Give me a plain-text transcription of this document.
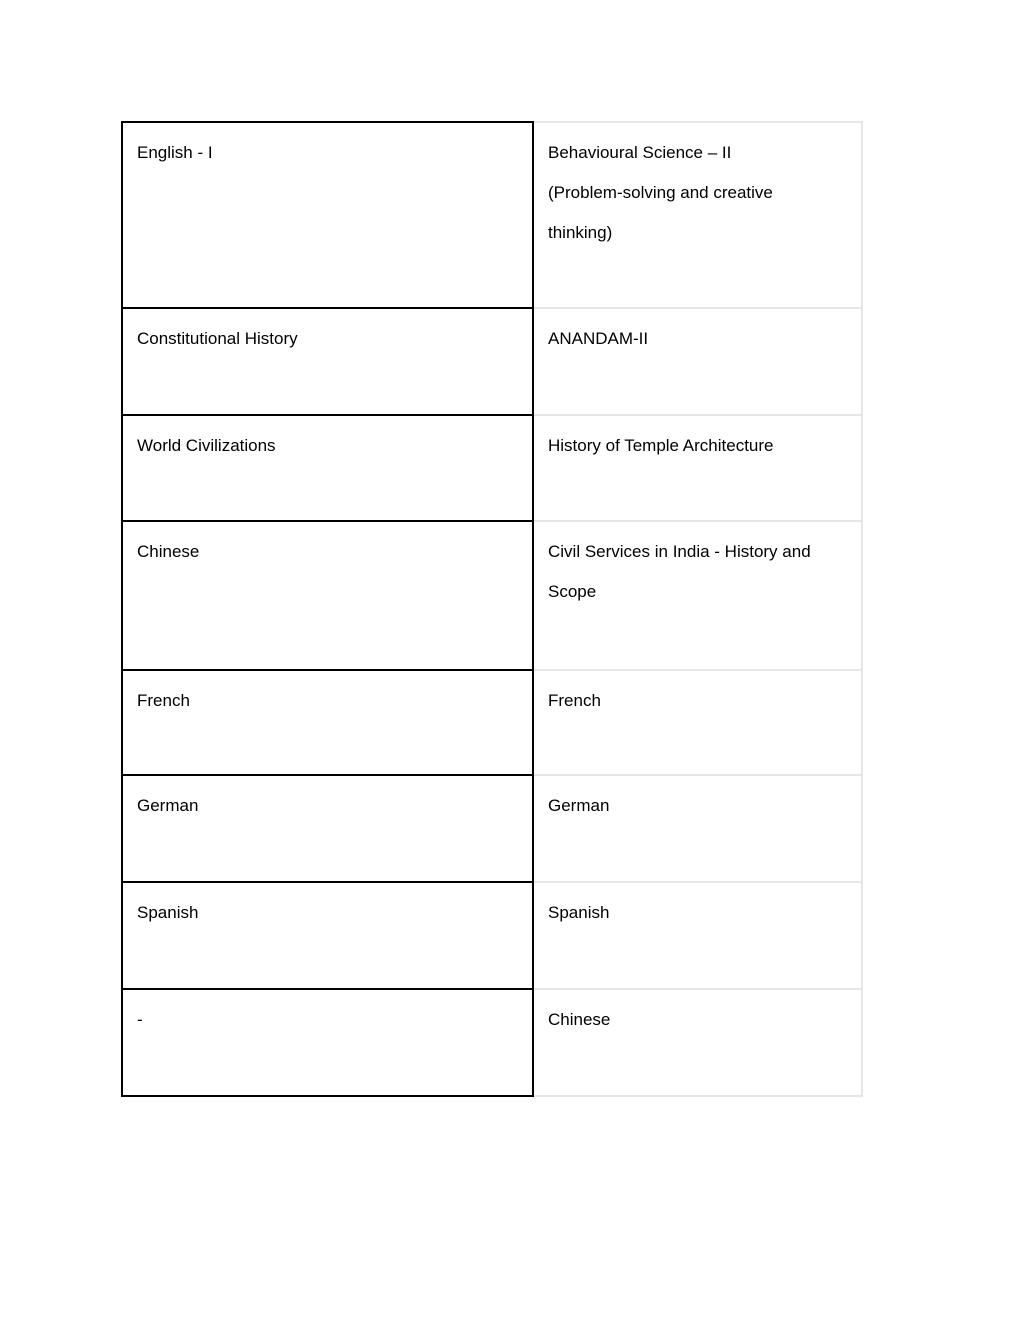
English - I	Behavioural Science – II
(Problem-solving and creative
thinking)
Constitutional History	ANANDAM-II
World Civilizations	History of Temple Architecture
Chinese	Civil Services in India - History and
Scope
French	French
German	German
Spanish	Spanish
-	Chinese
